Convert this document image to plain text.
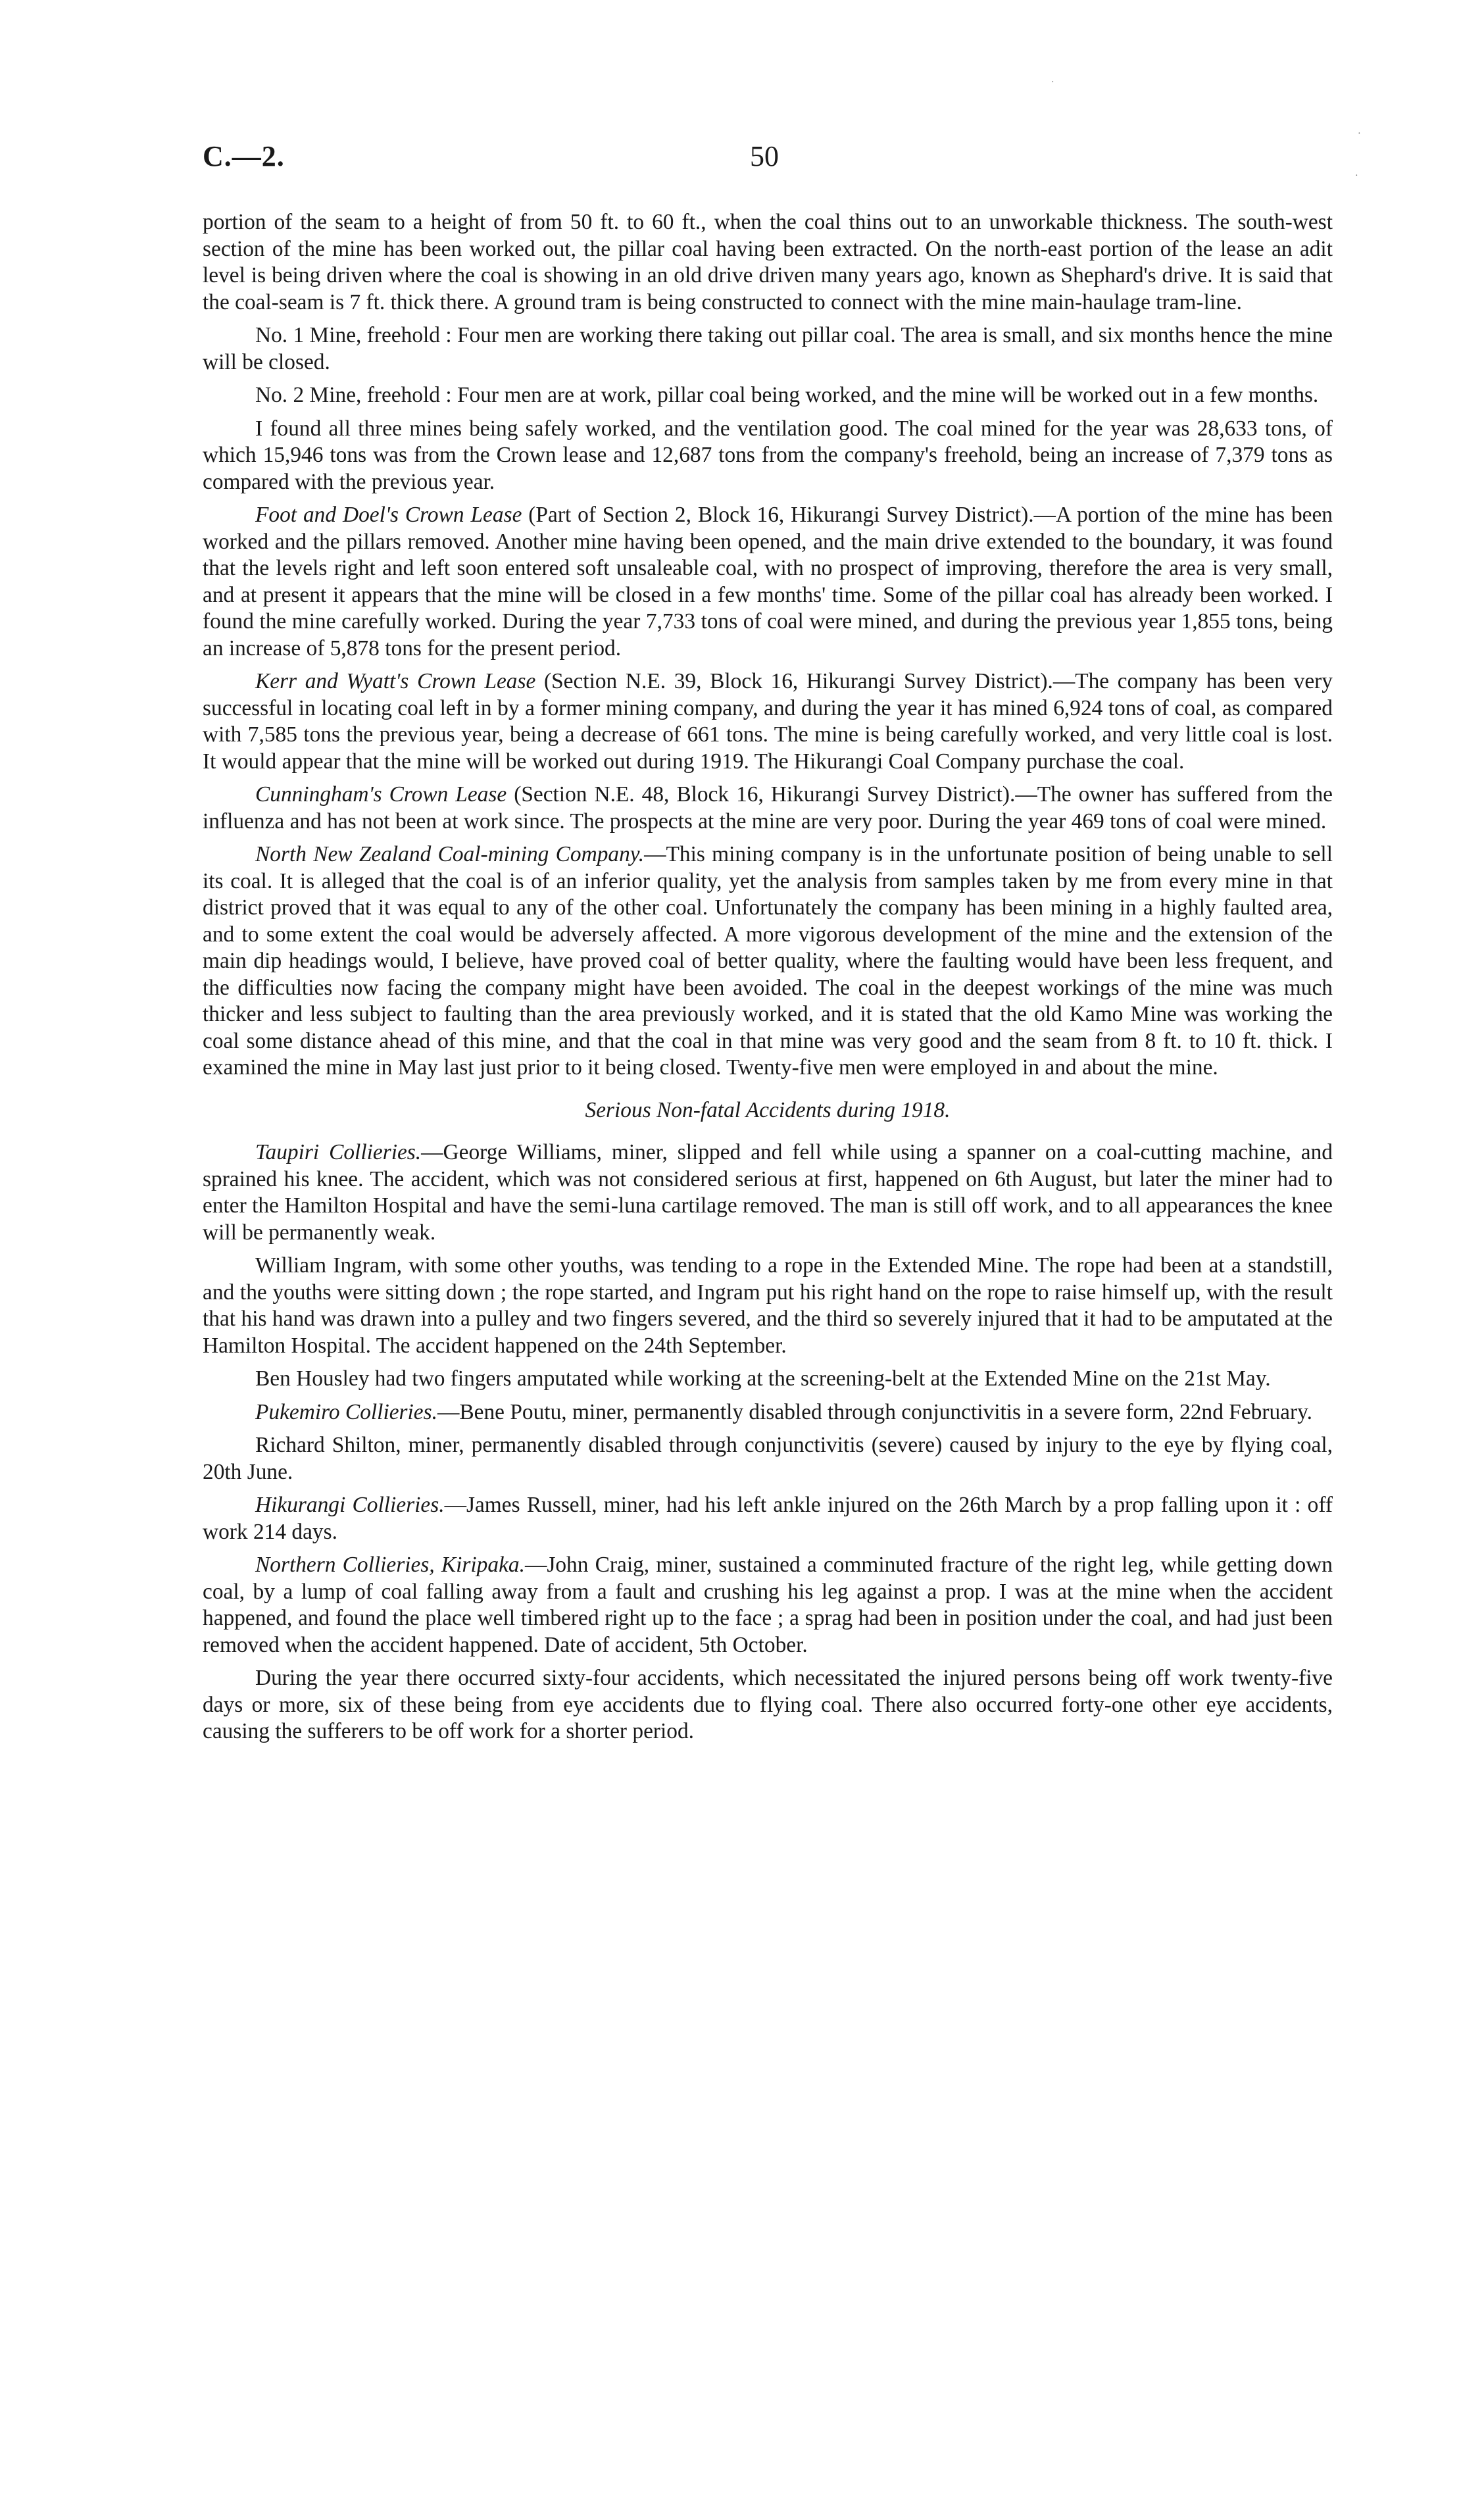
C.—2.	50
·
·
·

portion of the seam to a height of from 50 ft. to 60 ft., when the coal thins out to an unworkable thickness. The south-west section of the mine has been worked out, the pillar coal having been extracted. On the north-east portion of the lease an adit level is being driven where the coal is showing in an old drive driven many years ago, known as Shephard's drive. It is said that the coal-seam is 7 ft. thick there. A ground tram is being constructed to connect with the mine main-haulage tram-line.

No. 1 Mine, freehold : Four men are working there taking out pillar coal. The area is small, and six months hence the mine will be closed.

No. 2 Mine, freehold : Four men are at work, pillar coal being worked, and the mine will be worked out in a few months.

I found all three mines being safely worked, and the ventilation good. The coal mined for the year was 28,633 tons, of which 15,946 tons was from the Crown lease and 12,687 tons from the company's freehold, being an increase of 7,379 tons as compared with the previous year.

Foot and Doel's Crown Lease (Part of Section 2, Block 16, Hikurangi Survey District).—A portion of the mine has been worked and the pillars removed. Another mine having been opened, and the main drive extended to the boundary, it was found that the levels right and left soon entered soft unsaleable coal, with no prospect of improving, therefore the area is very small, and at present it appears that the mine will be closed in a few months' time. Some of the pillar coal has already been worked. I found the mine carefully worked. During the year 7,733 tons of coal were mined, and during the previous year 1,855 tons, being an increase of 5,878 tons for the present period.

Kerr and Wyatt's Crown Lease (Section N.E. 39, Block 16, Hikurangi Survey District).—The company has been very successful in locating coal left in by a former mining company, and during the year it has mined 6,924 tons of coal, as compared with 7,585 tons the previous year, being a decrease of 661 tons. The mine is being carefully worked, and very little coal is lost. It would appear that the mine will be worked out during 1919. The Hikurangi Coal Company purchase the coal.

Cunningham's Crown Lease (Section N.E. 48, Block 16, Hikurangi Survey District).—The owner has suffered from the influenza and has not been at work since. The prospects at the mine are very poor. During the year 469 tons of coal were mined.

North New Zealand Coal-mining Company.—This mining company is in the unfortunate position of being unable to sell its coal. It is alleged that the coal is of an inferior quality, yet the analysis from samples taken by me from every mine in that district proved that it was equal to any of the other coal. Unfortunately the company has been mining in a highly faulted area, and to some extent the coal would be adversely affected. A more vigorous development of the mine and the extension of the main dip headings would, I believe, have proved coal of better quality, where the faulting would have been less frequent, and the difficulties now facing the company might have been avoided. The coal in the deepest workings of the mine was much thicker and less subject to faulting than the area previously worked, and it is stated that the old Kamo Mine was working the coal some distance ahead of this mine, and that the coal in that mine was very good and the seam from 8 ft. to 10 ft. thick. I examined the mine in May last just prior to it being closed. Twenty-five men were employed in and about the mine.

Serious Non-fatal Accidents during 1918.

Taupiri Collieries.—George Williams, miner, slipped and fell while using a spanner on a coal-cutting machine, and sprained his knee. The accident, which was not considered serious at first, happened on 6th August, but later the miner had to enter the Hamilton Hospital and have the semi-luna cartilage removed. The man is still off work, and to all appearances the knee will be permanently weak.

William Ingram, with some other youths, was tending to a rope in the Extended Mine. The rope had been at a standstill, and the youths were sitting down ; the rope started, and Ingram put his right hand on the rope to raise himself up, with the result that his hand was drawn into a pulley and two fingers severed, and the third so severely injured that it had to be amputated at the Hamilton Hospital. The accident happened on the 24th September.

Ben Housley had two fingers amputated while working at the screening-belt at the Extended Mine on the 21st May.

Pukemiro Collieries.—Bene Poutu, miner, permanently disabled through conjunctivitis in a severe form, 22nd February.

Richard Shilton, miner, permanently disabled through conjunctivitis (severe) caused by injury to the eye by flying coal, 20th June.

Hikurangi Collieries.—James Russell, miner, had his left ankle injured on the 26th March by a prop falling upon it : off work 214 days.

Northern Collieries, Kiripaka.—John Craig, miner, sustained a comminuted fracture of the right leg, while getting down coal, by a lump of coal falling away from a fault and crushing his leg against a prop. I was at the mine when the accident happened, and found the place well timbered right up to the face ; a sprag had been in position under the coal, and had just been removed when the accident happened. Date of accident, 5th October.

During the year there occurred sixty-four accidents, which necessitated the injured persons being off work twenty-five days or more, six of these being from eye accidents due to flying coal. There also occurred forty-one other eye accidents, causing the sufferers to be off work for a shorter period.
